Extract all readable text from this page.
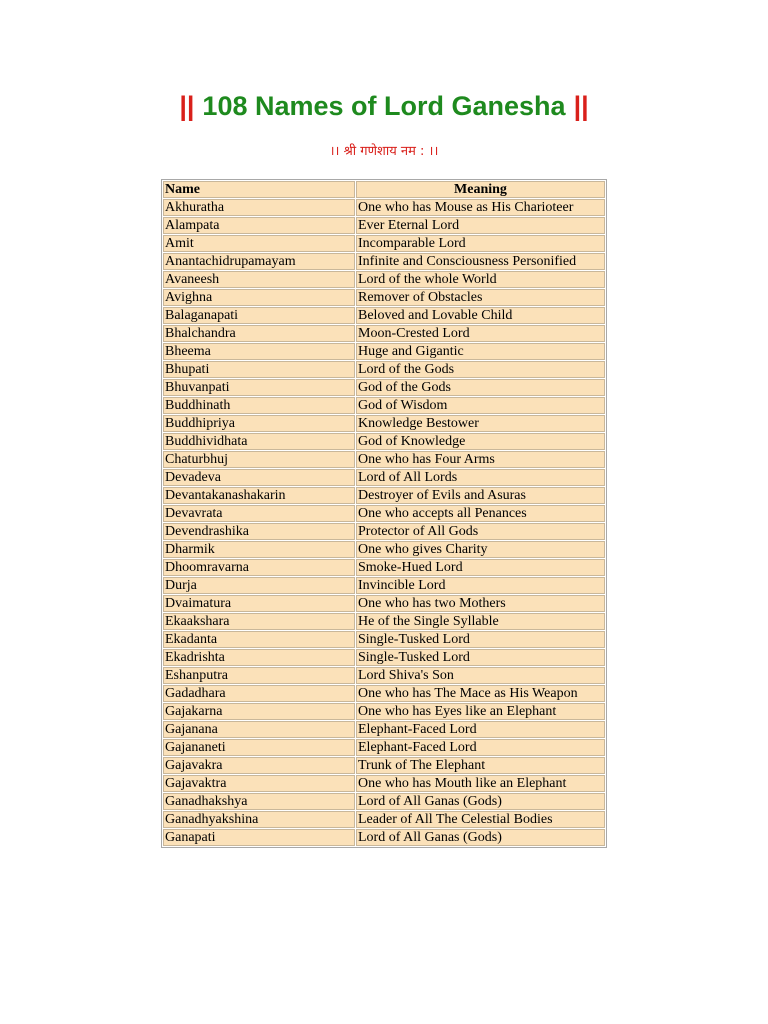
|| 108 Names of Lord Ganesha ||
।। श्री गणेशाय नम : ।।
Name	Meaning
Akhuratha	One who has Mouse as His Charioteer
Alampata	Ever Eternal Lord
Amit	Incomparable Lord
Anantachidrupamayam	Infinite and Consciousness Personified
Avaneesh	Lord of the whole World
Avighna	Remover of Obstacles
Balaganapati	Beloved and Lovable Child
Bhalchandra	Moon-Crested Lord
Bheema	Huge and Gigantic
Bhupati	Lord of the Gods
Bhuvanpati	God of the Gods
Buddhinath	God of Wisdom
Buddhipriya	Knowledge Bestower
Buddhividhata	God of Knowledge
Chaturbhuj	One who has Four Arms
Devadeva	Lord of All Lords
Devantakanashakarin	Destroyer of Evils and Asuras
Devavrata	One who accepts all Penances
Devendrashika	Protector of All Gods
Dharmik	One who gives Charity
Dhoomravarna	Smoke-Hued Lord
Durja	Invincible Lord
Dvaimatura	One who has two Mothers
Ekaakshara	He of the Single Syllable
Ekadanta	Single-Tusked Lord
Ekadrishta	Single-Tusked Lord
Eshanputra	Lord Shiva's Son
Gadadhara	One who has The Mace as His Weapon
Gajakarna	One who has Eyes like an Elephant
Gajanana	Elephant-Faced Lord
Gajananeti	Elephant-Faced Lord
Gajavakra	Trunk of The Elephant
Gajavaktra	One who has Mouth like an Elephant
Ganadhakshya	Lord of All Ganas (Gods)
Ganadhyakshina	Leader of All The Celestial Bodies
Ganapati	Lord of All Ganas (Gods)
